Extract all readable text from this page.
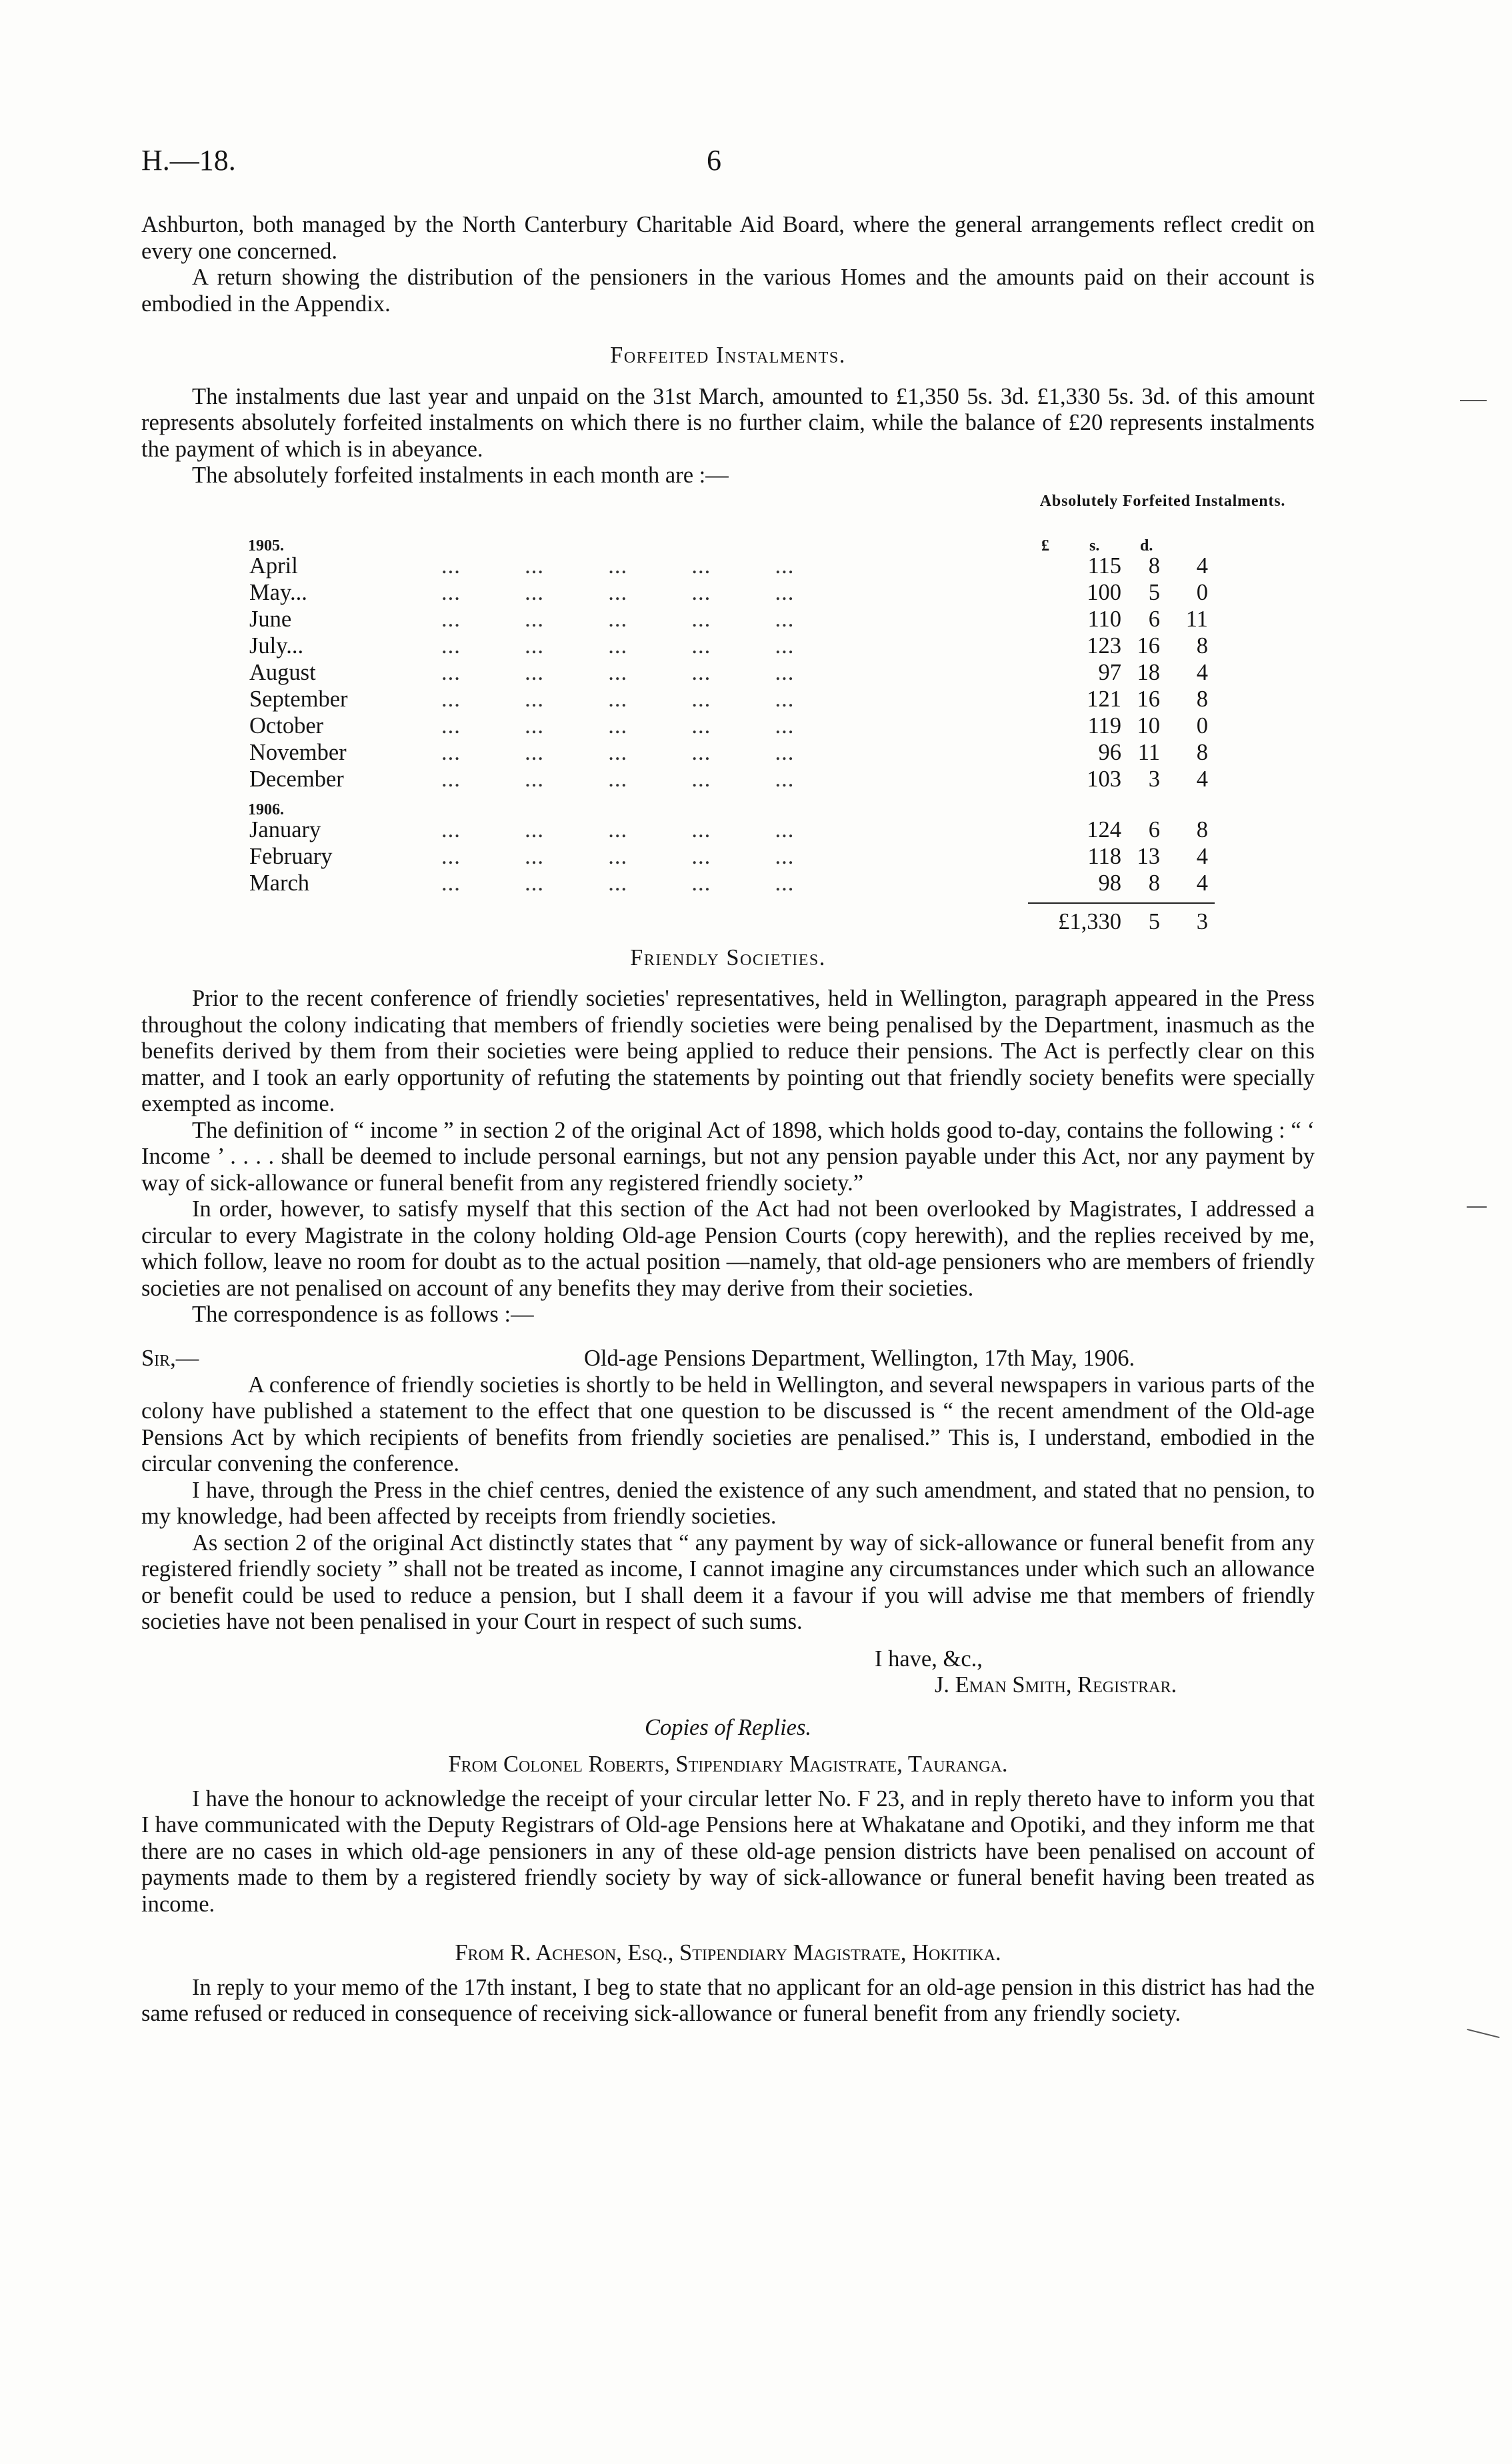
H.—18.	6

Ashburton, both managed by the North Canterbury Charitable Aid Board, where the general arrangements reflect credit on every one concerned.

A return showing the distribution of the pensioners in the various Homes and the amounts paid on their account is embodied in the Appendix.

Forfeited Instalments.

The instalments due last year and unpaid on the 31st March, amounted to £1,350 5s. 3d. £1,330 5s. 3d. of this amount represents absolutely forfeited instalments on which there is no further claim, while the balance of £20 represents instalments the payment of which is in abeyance.

The absolutely forfeited instalments in each month are :—

Absolutely Forfeited Instalments.
1905.	£	s.	d.
April	...          ...          ...          ...          ...	115	8	4
May...	...          ...          ...          ...          ...	100	5	0
June	...          ...          ...          ...          ...	110	6	11
July...	...          ...          ...          ...          ...	123 16	8
August	...          ...          ...          ...          ...	97 18	4
September	...          ...          ...          ...          ...	121 16	8
October	...          ...          ...          ...          ...	119 10	0
November	...          ...          ...          ...          ...	96 11	8
December	...          ...          ...          ...          ...	103	3	4
1906.
January	...          ...          ...          ...          ...	124	6	8
February	...          ...          ...          ...          ...	118 13	4
March	...          ...          ...          ...          ...	98	8	4
£1,330	5	3

Friendly Societies.

Prior to the recent conference of friendly societies' representatives, held in Wellington, paragraph appeared in the Press throughout the colony indicating that members of friendly societies were being penalised by the Department, inasmuch as the benefits derived by them from their societies were being applied to reduce their pensions. The Act is perfectly clear on this matter, and I took an early opportunity of refuting the statements by pointing out that friendly society benefits were specially exempted as income.

The definition of “ income ” in section 2 of the original Act of 1898, which holds good to-day, contains the following : “ ‘ Income ’ . . . . shall be deemed to include personal earnings, but not any pension payable under this Act, nor any payment by way of sick-allowance or funeral benefit from any registered friendly society.”

In order, however, to satisfy myself that this section of the Act had not been overlooked by Magistrates, I addressed a circular to every Magistrate in the colony holding Old-age Pension Courts (copy herewith), and the replies received by me, which follow, leave no room for doubt as to the actual position —namely, that old-age pensioners who are members of friendly societies are not penalised on account of any benefits they may derive from their societies.

The correspondence is as follows :—

Sir,—	Old-age Pensions Department, Wellington, 17th May, 1906.

A conference of friendly societies is shortly to be held in Wellington, and several newspapers in various parts of the colony have published a statement to the effect that one question to be discussed is “ the recent amendment of the Old-age Pensions Act by which recipients of benefits from friendly societies are penalised.” This is, I understand, embodied in the circular convening the conference.

I have, through the Press in the chief centres, denied the existence of any such amendment, and stated that no pension, to my knowledge, had been affected by receipts from friendly societies.

As section 2 of the original Act distinctly states that “ any payment by way of sick-allowance or funeral benefit from any registered friendly society ” shall not be treated as income, I cannot imagine any circumstances under which such an allowance or benefit could be used to reduce a pension, but I shall deem it a favour if you will advise me that members of friendly societies have not been penalised in your Court in respect of such sums.

I have, &c.,

J. Eman Smith, Registrar.

Copies of Replies.

From Colonel Roberts, Stipendiary Magistrate, Tauranga.

I have the honour to acknowledge the receipt of your circular letter No. F 23, and in reply thereto have to inform you that I have communicated with the Deputy Registrars of Old-age Pensions here at Whakatane and Opotiki, and they inform me that there are no cases in which old-age pensioners in any of these old-age pension districts have been penalised on account of payments made to them by a registered friendly society by way of sick-allowance or funeral benefit having been treated as income.

From R. Acheson, Esq., Stipendiary Magistrate, Hokitika.

In reply to your memo of the 17th instant, I beg to state that no applicant for an old-age pension in this district has had the same refused or reduced in consequence of receiving sick-allowance or funeral benefit from any friendly society.
